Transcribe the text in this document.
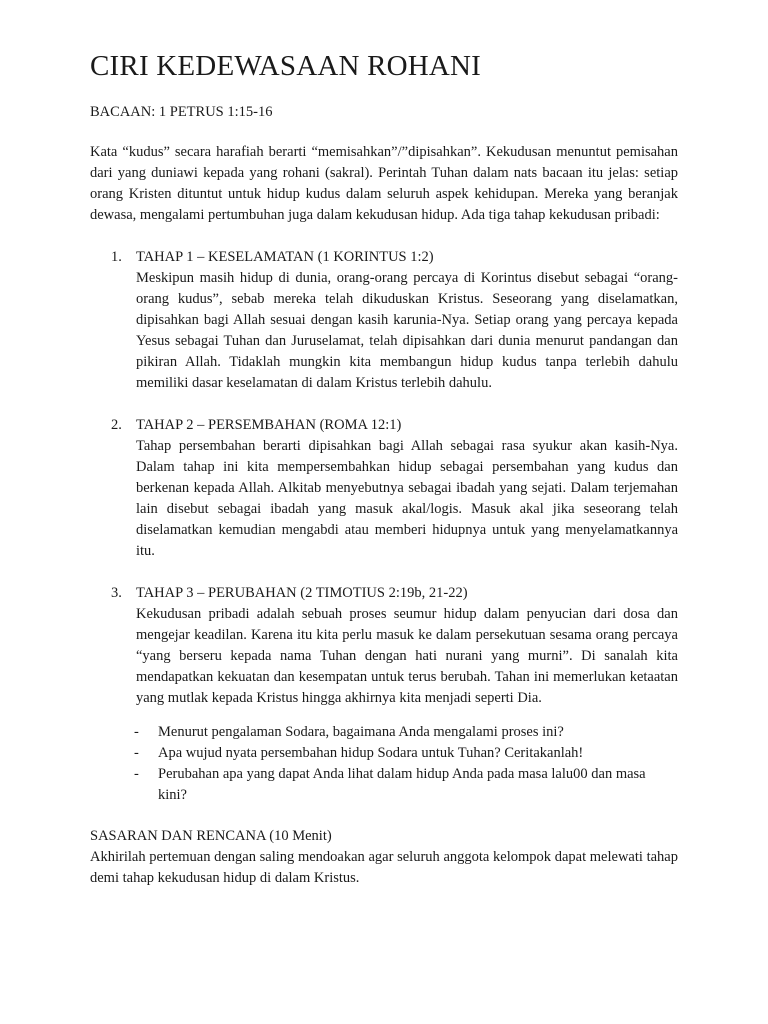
CIRI KEDEWASAAN ROHANI
BACAAN: 1 PETRUS 1:15-16

Kata “kudus” secara harafiah berarti “memisahkan”/”dipisahkan”. Kekudusan menuntut pemisahan dari yang duniawi kepada yang rohani (sakral). Perintah Tuhan dalam nats bacaan itu jelas: setiap orang Kristen dituntut untuk hidup kudus dalam seluruh aspek kehidupan. Mereka yang beranjak dewasa, mengalami pertumbuhan juga dalam kekudusan hidup. Ada tiga tahap kekudusan pribadi:

1. TAHAP 1 – KESELAMATAN (1 KORINTUS 1:2)
Meskipun masih hidup di dunia, orang-orang percaya di Korintus disebut sebagai “orang-orang kudus”, sebab mereka telah dikuduskan Kristus. Seseorang yang diselamatkan, dipisahkan bagi Allah sesuai dengan kasih karunia-Nya. Setiap orang yang percaya kepada Yesus sebagai Tuhan dan Juruselamat, telah dipisahkan dari dunia menurut pandangan dan pikiran Allah. Tidaklah mungkin kita membangun hidup kudus tanpa terlebih dahulu memiliki dasar keselamatan di dalam Kristus terlebih dahulu.
2. TAHAP 2 – PERSEMBAHAN (ROMA 12:1)
Tahap persembahan berarti dipisahkan bagi Allah sebagai rasa syukur akan kasih-Nya. Dalam tahap ini kita mempersembahkan hidup sebagai persembahan yang kudus dan berkenan kepada Allah. Alkitab menyebutnya sebagai ibadah yang sejati. Dalam terjemahan lain disebut sebagai ibadah yang masuk akal/logis. Masuk akal jika seseorang telah diselamatkan kemudian mengabdi atau memberi hidupnya untuk yang menyelamatkannya itu.
3. TAHAP 3 – PERUBAHAN (2 TIMOTIUS 2:19b, 21-22)
Kekudusan pribadi adalah sebuah proses seumur hidup dalam penyucian dari dosa dan mengejar keadilan. Karena itu kita perlu masuk ke dalam persekutuan sesama orang percaya “yang berseru kepada nama Tuhan dengan hati nurani yang murni”. Di sanalah kita mendapatkan kekuatan dan kesempatan untuk terus berubah. Tahan ini memerlukan ketaatan yang mutlak kepada Kristus hingga akhirnya kita menjadi seperti Dia.
- Menurut pengalaman Sodara, bagaimana Anda mengalami proses ini?
- Apa wujud nyata persembahan hidup Sodara untuk Tuhan? Ceritakanlah!
- Perubahan apa yang dapat Anda lihat dalam hidup Anda pada masa lalu00 dan masa kini?
SASARAN DAN RENCANA (10 Menit)
Akhirilah pertemuan dengan saling mendoakan agar seluruh anggota kelompok dapat melewati tahap demi tahap kekudusan hidup di dalam Kristus.
